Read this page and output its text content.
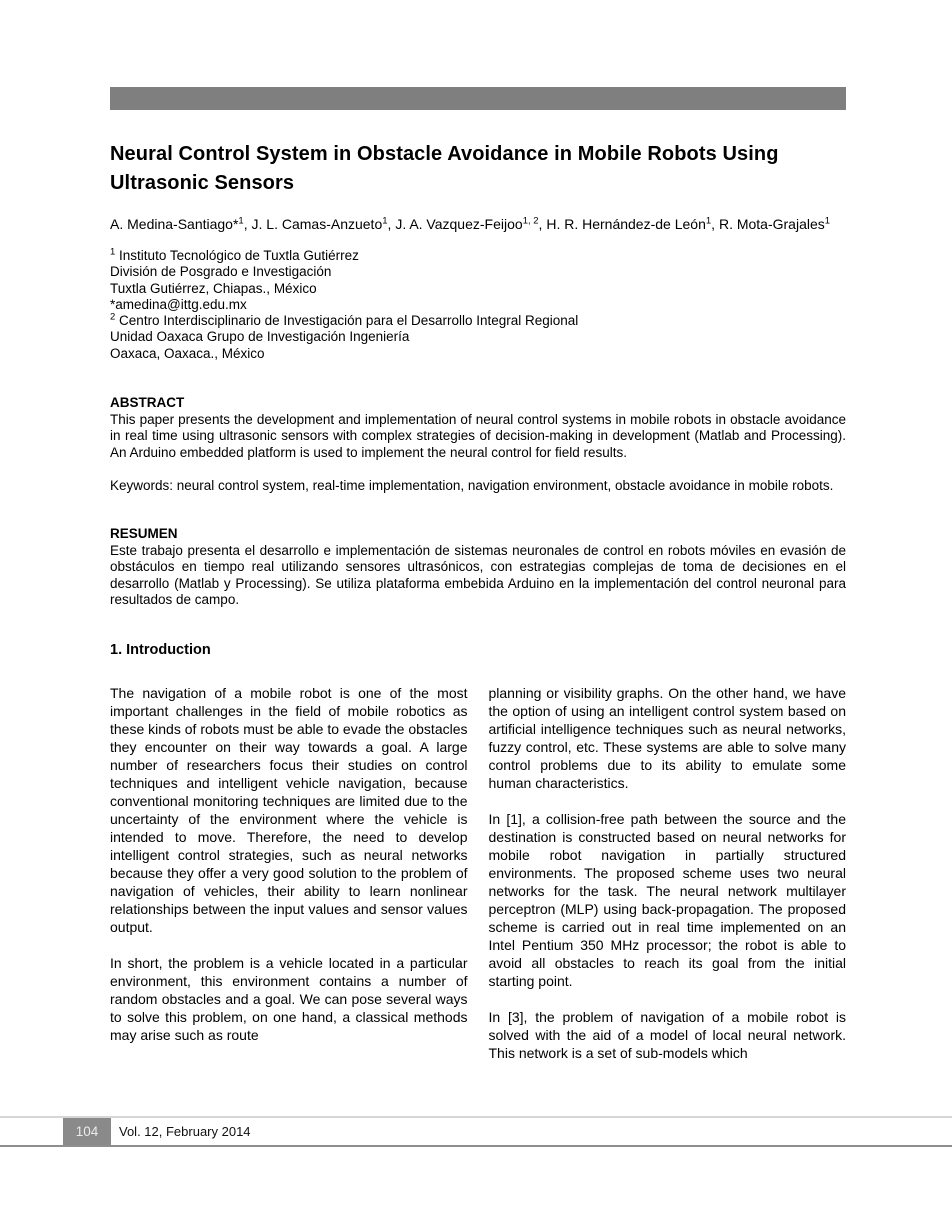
Neural Control System in Obstacle Avoidance in Mobile Robots Using Ultrasonic Sensors

A. Medina-Santiago*$^1$, J. L. Camas-Anzueto$^1$, J. A. Vazquez-Feijoo$^{1, 2}$, H. R. Hernández-de León$^1$, R. Mota-Grajales$^1$

$^1$ Instituto Tecnológico de Tuxtla Gutiérrez
División de Posgrado e Investigación
Tuxtla Gutiérrez, Chiapas., México
*amedina@ittg.edu.mx
$^2$ Centro Interdisciplinario de Investigación para el Desarrollo Integral Regional
Unidad Oaxaca Grupo de Investigación Ingeniería
Oaxaca, Oaxaca., México

ABSTRACT

This paper presents the development and implementation of neural control systems in mobile robots in obstacle avoidance in real time using ultrasonic sensors with complex strategies of decision-making in development (Matlab and Processing). An Arduino embedded platform is used to implement the neural control for field results.

Keywords: neural control system, real-time implementation, navigation environment, obstacle avoidance in mobile robots.

RESUMEN

Este trabajo presenta el desarrollo e implementación de sistemas neuronales de control en robots móviles en evasión de obstáculos en tiempo real utilizando sensores ultrasónicos, con estrategias complejas de toma de decisiones en el desarrollo (Matlab y Processing). Se utiliza plataforma embebida Arduino en la implementación del control neuronal para resultados de campo.

1. Introduction

The navigation of a mobile robot is one of the most important challenges in the field of mobile robotics as these kinds of robots must be able to evade the obstacles they encounter on their way towards a goal. A large number of researchers focus their studies on control techniques and intelligent vehicle navigation, because conventional monitoring techniques are limited due to the uncertainty of the environment where the vehicle is intended to move. Therefore, the need to develop intelligent control strategies, such as neural networks because they offer a very good solution to the problem of navigation of vehicles, their ability to learn nonlinear relationships between the input values and sensor values output.

In short, the problem is a vehicle located in a particular environment, this environment contains a number of random obstacles and a goal. We can pose several ways to solve this problem, on one hand, a classical methods may arise such as route

planning or visibility graphs. On the other hand, we have the option of using an intelligent control system based on artificial intelligence techniques such as neural networks, fuzzy control, etc. These systems are able to solve many control problems due to its ability to emulate some human characteristics.

In [1], a collision-free path between the source and the destination is constructed based on neural networks for mobile robot navigation in partially structured environments. The proposed scheme uses two neural networks for the task. The neural network multilayer perceptron (MLP) using back-propagation. The proposed scheme is carried out in real time implemented on an Intel Pentium 350 MHz processor; the robot is able to avoid all obstacles to reach its goal from the initial starting point.

In [3], the problem of navigation of a mobile robot is solved with the aid of a model of local neural network. This network is a set of sub-models which

104	Vol. 12, February 2014
